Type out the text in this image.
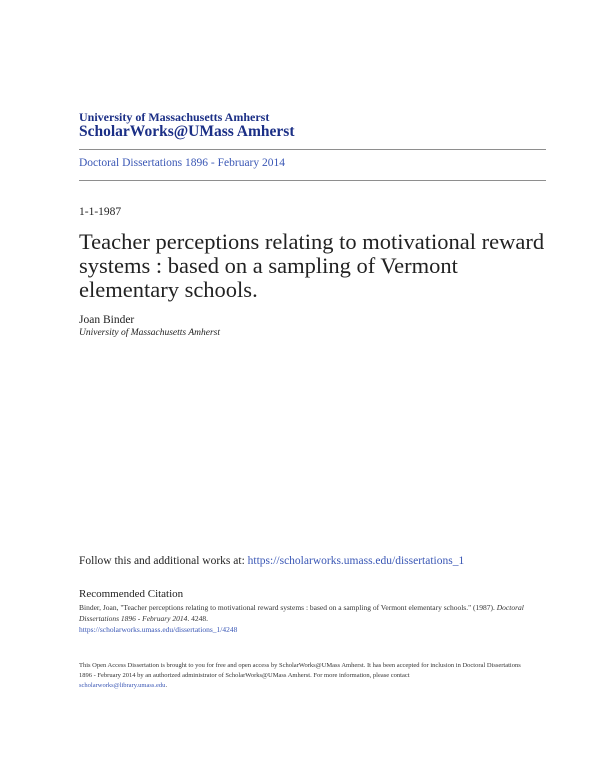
University of Massachusetts Amherst
ScholarWorks@UMass Amherst
Doctoral Dissertations 1896 - February 2014
1-1-1987
Teacher perceptions relating to motivational reward systems : based on a sampling of Vermont elementary schools.
Joan Binder
University of Massachusetts Amherst
Follow this and additional works at: https://scholarworks.umass.edu/dissertations_1
Recommended Citation
Binder, Joan, "Teacher perceptions relating to motivational reward systems : based on a sampling of Vermont elementary schools." (1987). Doctoral Dissertations 1896 - February 2014. 4248.
https://scholarworks.umass.edu/dissertations_1/4248
This Open Access Dissertation is brought to you for free and open access by ScholarWorks@UMass Amherst. It has been accepted for inclusion in Doctoral Dissertations 1896 - February 2014 by an authorized administrator of ScholarWorks@UMass Amherst. For more information, please contact
scholarworks@library.umass.edu.
